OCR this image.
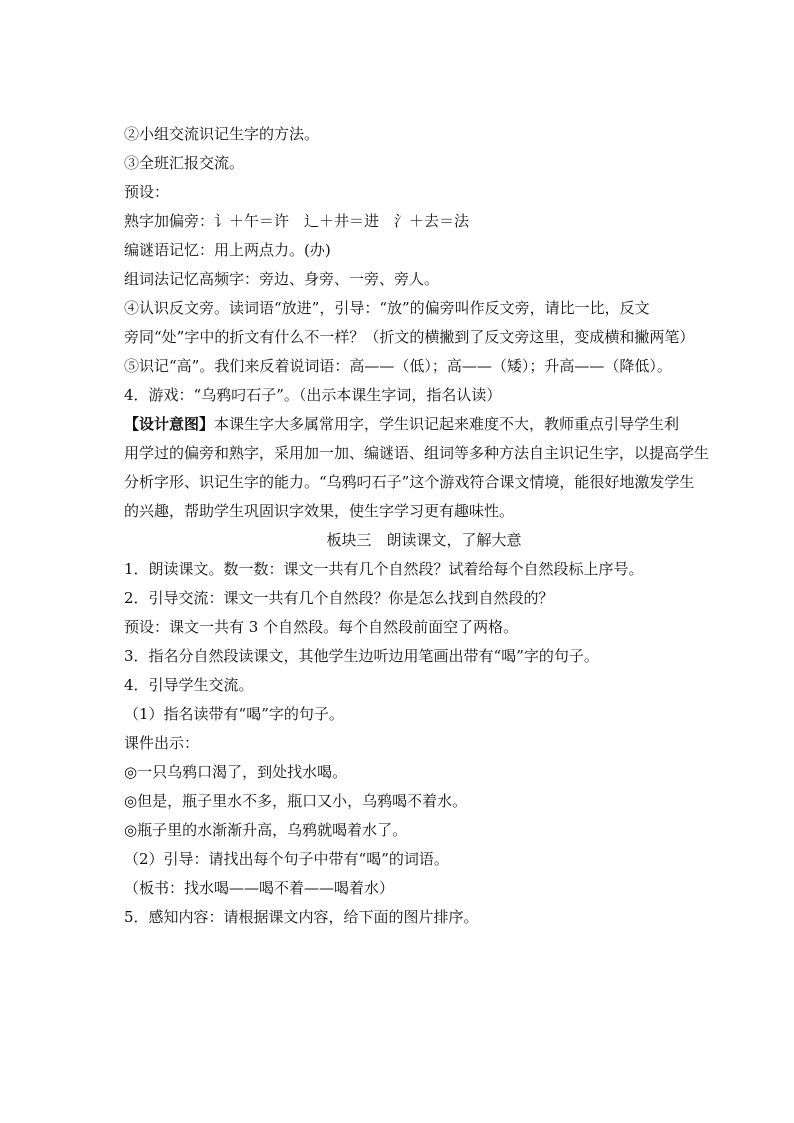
②小组交流识记生字的方法。
③全班汇报交流。
预设：
熟字加偏旁：讠＋午＝许　⻌＋井＝进　氵＋去＝法
编谜语记忆：用上两点力。(办)
组词法记忆高频字：旁边、身旁、一旁、旁人。
④认识反文旁。读词语“放进”，引导：“放”的偏旁叫作反文旁，请比一比，反文
旁同“处”字中的折文有什么不一样？（折文的横撇到了反文旁这里，变成横和撇两笔）
⑤识记“高”。我们来反着说词语：高——（低）；高——（矮）；升高——（降低）。
4．游戏：“乌鸦叼石子”。（出示本课生字词，指名认读）
【设计意图】本课生字大多属常用字，学生识记起来难度不大，教师重点引导学生利
用学过的偏旁和熟字，采用加一加、编谜语、组词等多种方法自主识记生字，以提高学生
分析字形、识记生字的能力。“乌鸦叼石子”这个游戏符合课文情境，能很好地激发学生
的兴趣，帮助学生巩固识字效果，使生字学习更有趣味性。
板块三　朗读课文，了解大意
1．朗读课文。数一数：课文一共有几个自然段？试着给每个自然段标上序号。
2．引导交流：课文一共有几个自然段？你是怎么找到自然段的？
预设：课文一共有 3 个自然段。每个自然段前面空了两格。
3．指名分自然段读课文，其他学生边听边用笔画出带有“喝”字的句子。
4．引导学生交流。
（1）指名读带有“喝”字的句子。
课件出示：
◎一只乌鸦口渴了，到处找水喝。
◎但是，瓶子里水不多，瓶口又小，乌鸦喝不着水。
◎瓶子里的水渐渐升高，乌鸦就喝着水了。
（2）引导：请找出每个句子中带有“喝”的词语。
（板书：找水喝——喝不着——喝着水）
5．感知内容：请根据课文内容，给下面的图片排序。
